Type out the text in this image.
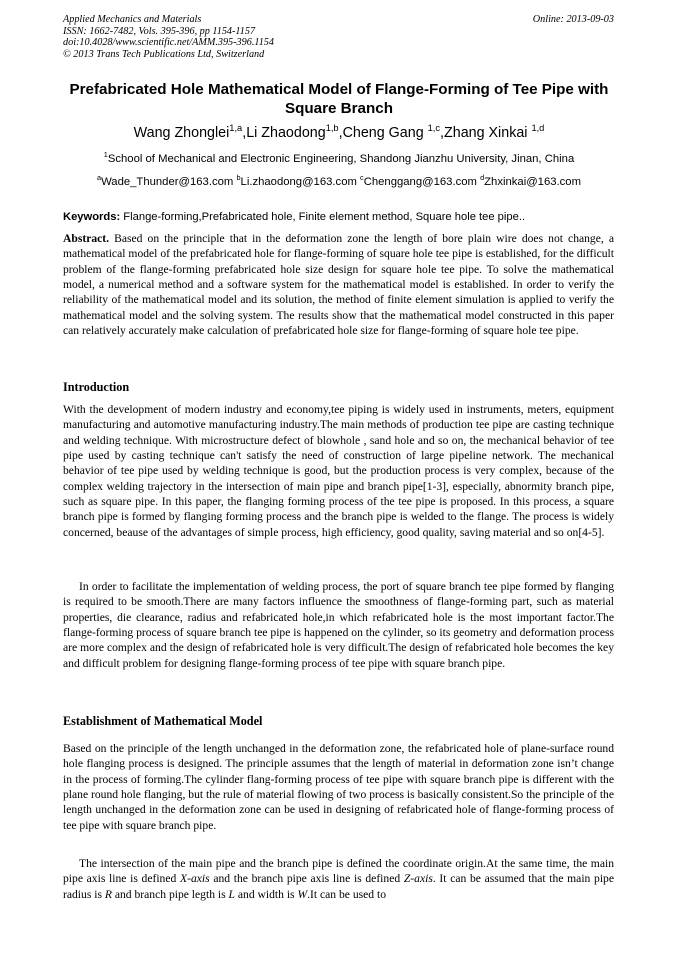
Applied Mechanics and Materials
ISSN: 1662-7482, Vols. 395-396, pp 1154-1157
doi:10.4028/www.scientific.net/AMM.395-396.1154
© 2013 Trans Tech Publications Ltd, Switzerland
Online: 2013-09-03
Prefabricated Hole Mathematical Model of Flange-Forming of Tee Pipe with Square Branch
Wang Zhonglei$^{1,a}$,Li Zhaodong$^{1,b}$,Cheng Gang $^{1,c}$,Zhang Xinkai $^{1,d}$
$^1$School of Mechanical and Electronic Engineering, Shandong Jianzhu University, Jinan, China
$^a$Wade_Thunder@163.com $^b$Li.zhaodong@163.com $^c$Chenggang@163.com $^d$Zhxinkai@163.com
Keywords: Flange-forming,Prefabricated hole, Finite element method, Square hole tee pipe..
Abstract. Based on the principle that in the deformation zone the length of bore plain wire does not change, a mathematical model of the prefabricated hole for flange-forming of square hole tee pipe is established, for the difficult problem of the flange-forming prefabricated hole size design for square hole tee pipe. To solve the mathematical model, a numerical method and a software system for the mathematical model is established. In order to verify the reliability of the mathematical model and its solution, the method of finite element simulation is applied to verify the mathematical model and the solving system. The results show that the mathematical model constructed in this paper can relatively accurately make calculation of prefabricated hole size for flange-forming of square hole tee pipe.
Introduction
With the development of modern industry and economy,tee piping is widely used in instruments, meters, equipment manufacturing and automotive manufacturing industry.The main methods of production tee pipe are casting technique and welding technique. With microstructure defect of blowhole , sand hole and so on, the mechanical behavior of tee pipe used by casting technique can't satisfy the need of construction of large pipeline network. The mechanical behavior of tee pipe used by welding technique is good, but the production process is very complex, because of the complex welding trajectory in the intersection of main pipe and branch pipe[1-3], especially, abnormity branch pipe, such as square pipe. In this paper, the flanging forming process of the tee pipe is proposed. In this process, a square branch pipe is formed by flanging forming process and the branch pipe is welded to the flange. The process is widely concerned, beause of the advantages of simple process, high efficiency, good quality, saving material and so on[4-5].
In order to facilitate the implementation of welding process, the port of square branch tee pipe formed by flanging is required to be smooth.There are many factors influence the smoothness of flange-forming part, such as material properties, die clearance, radius and refabricated hole,in which refabricated hole is the most important factor.The flange-forming process of square branch tee pipe is happened on the cylinder, so its geometry and deformation process are more complex and the design of refabricated hole is very difficult.The design of refabricated hole becomes the key and difficult problem for designing flange-forming process of tee pipe with square branch pipe.
Establishment of Mathematical Model
Based on the principle of the length unchanged in the deformation zone, the refabricated hole of plane-surface round hole flanging process is designed. The principle assumes that the length of material in deformation zone isn’t change in the process of forming.The cylinder flang-forming process of tee pipe with square branch pipe is different with the plane round hole flanging, but the rule of material flowing of two process is basically consistent.So the principle of the length unchanged in the deformation zone can be used in designing of refabricated hole of flange-forming process of tee pipe with square branch pipe.
The intersection of the main pipe and the branch pipe is defined the coordinate origin.At the same time, the main pipe axis line is defined X-axis and the branch pipe axis line is defined Z-axis. It can be assumed that the main pipe radius is R and branch pipe legth is L and width is W.It can be used to
